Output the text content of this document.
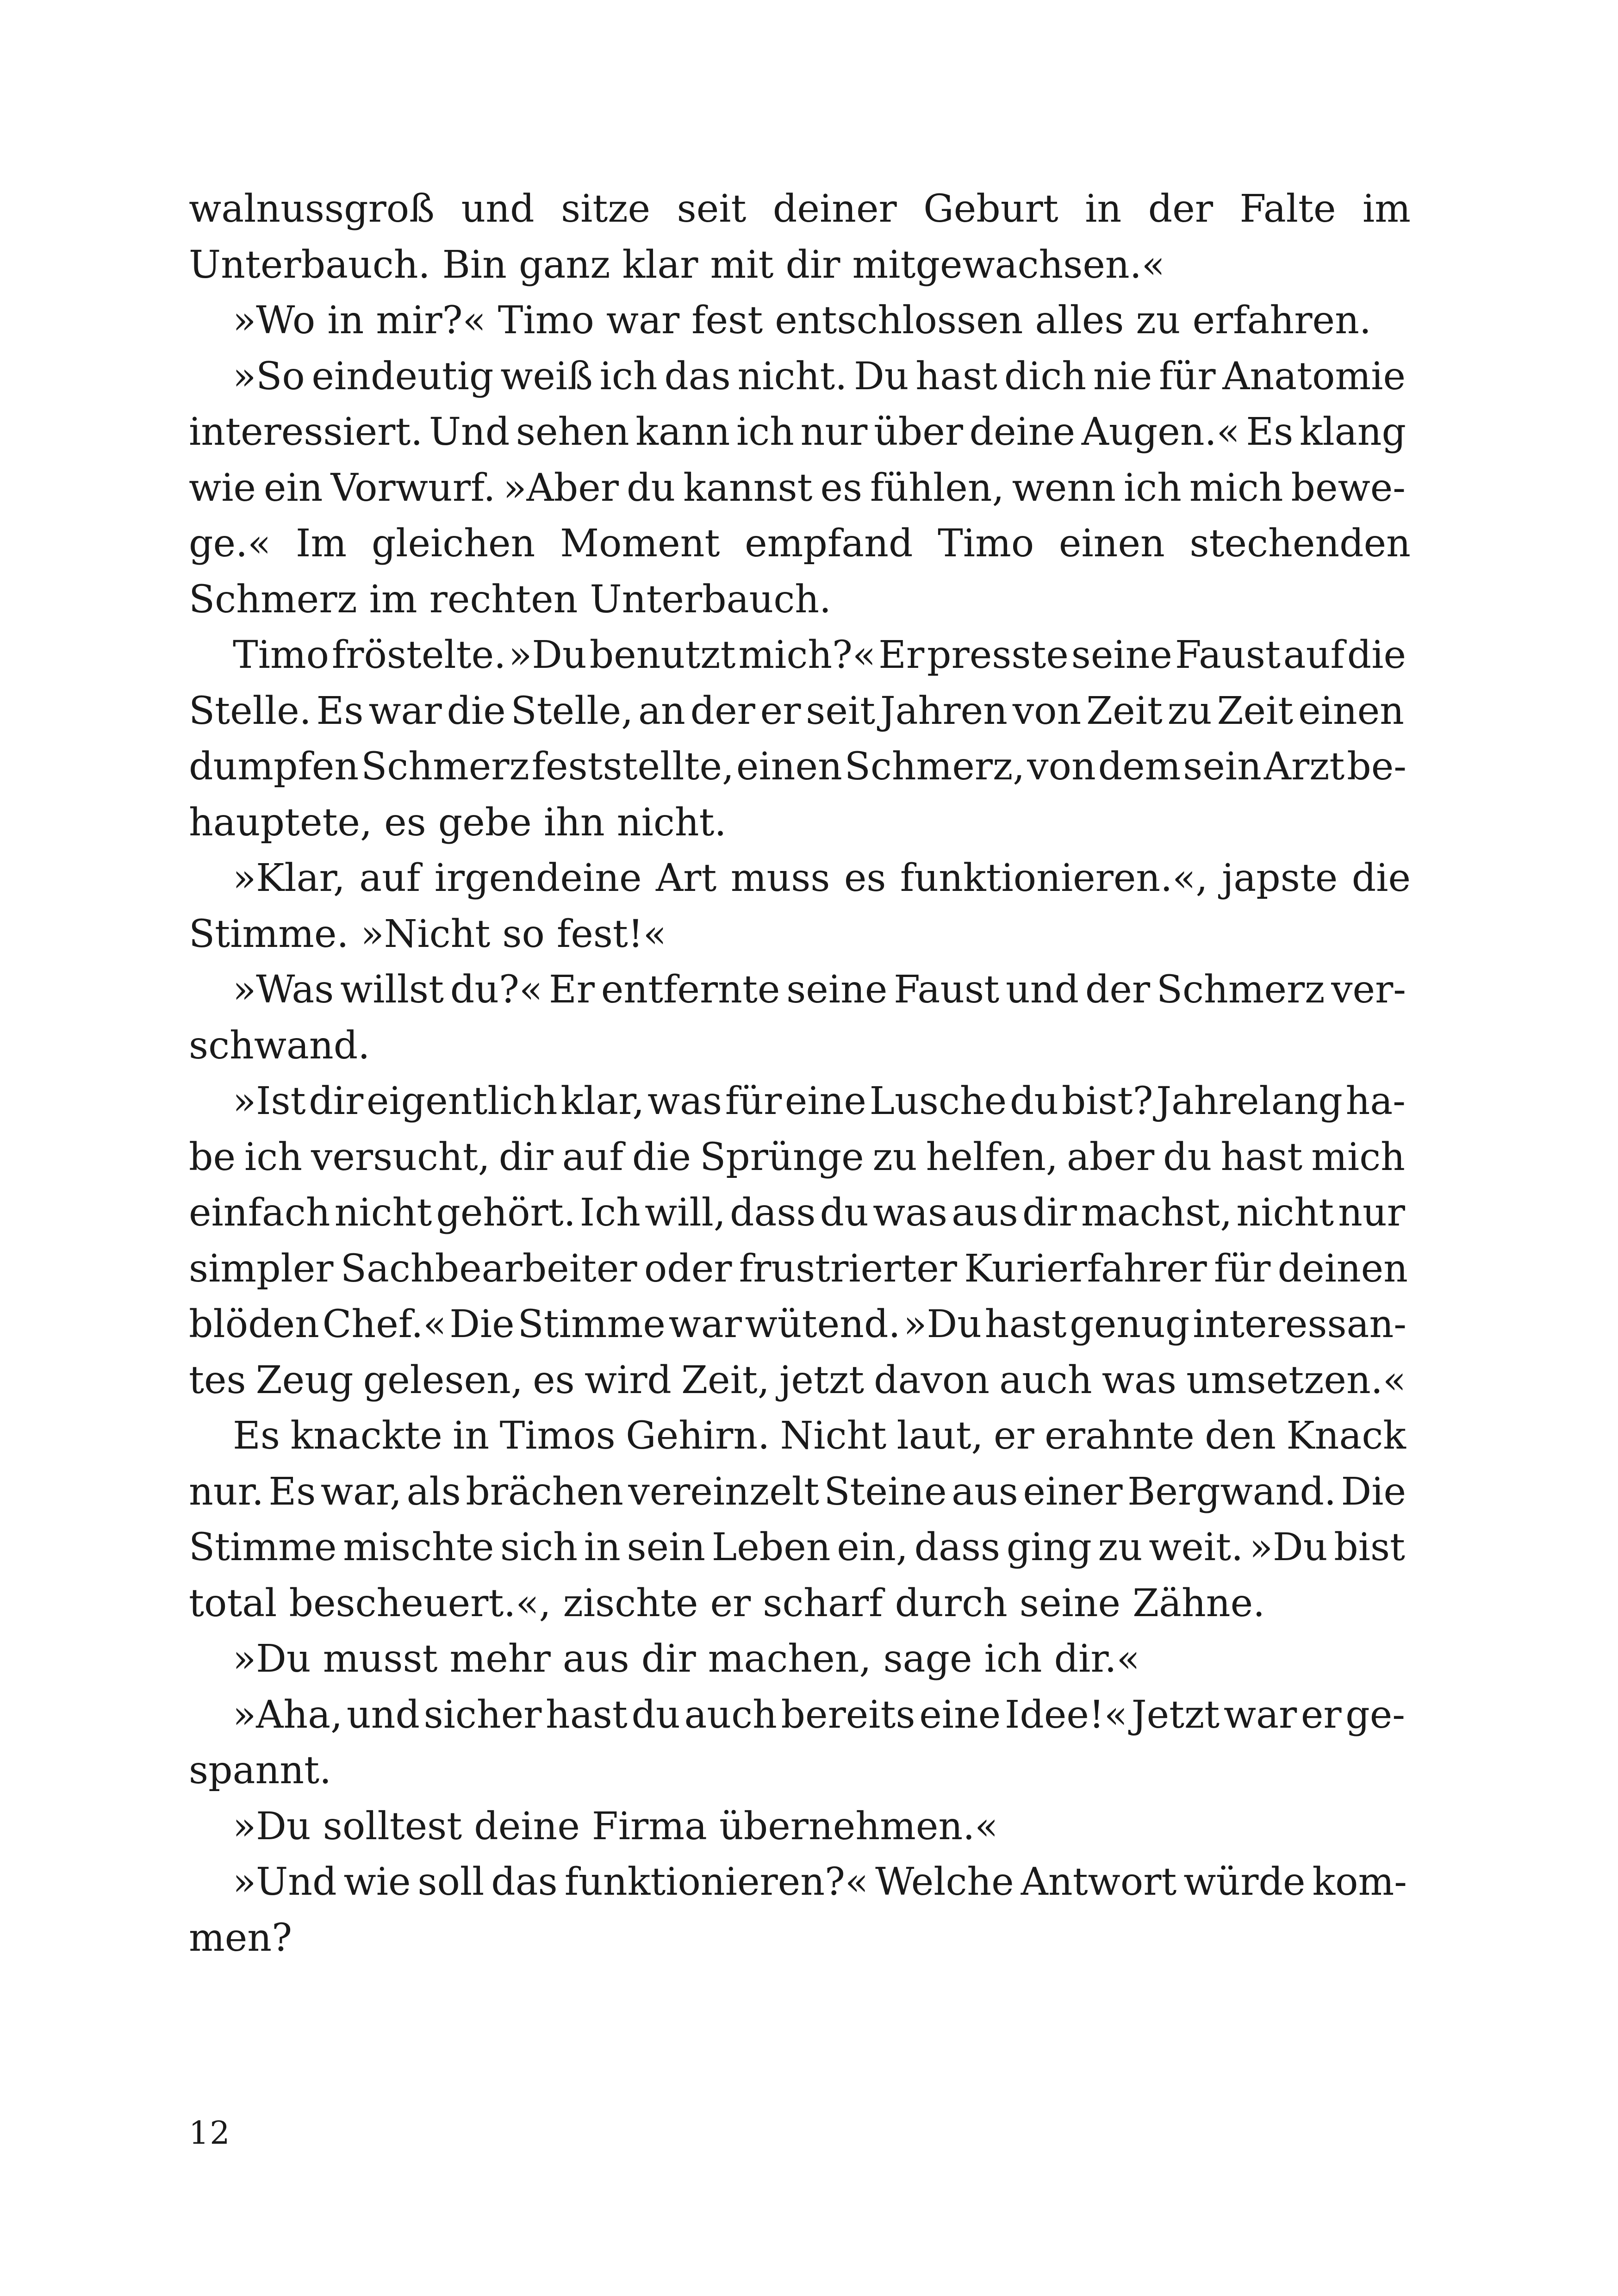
walnussgroß und sitze seit deiner Geburt in der Falte im
Unterbauch. Bin ganz klar mit dir mitgewachsen.«
»Wo in mir?« Timo war fest entschlossen alles zu erfahren.
»So eindeutig weiß ich das nicht. Du hast dich nie für Anatomie
interessiert. Und sehen kann ich nur über deine Augen.« Es klang
wie ein Vorwurf. »Aber du kannst es fühlen, wenn ich mich bewe-
ge.« Im gleichen Moment empfand Timo einen stechenden
Schmerz im rechten Unterbauch.
Timo fröstelte. »Du benutzt mich?« Er presste seine Faust auf die
Stelle. Es war die Stelle, an der er seit Jahren von Zeit zu Zeit einen
dumpfen Schmerz feststellte, einen Schmerz, von dem sein Arzt be-
hauptete, es gebe ihn nicht.
»Klar, auf irgendeine Art muss es funktionieren.«, japste die
Stimme. »Nicht so fest!«
»Was willst du?« Er entfernte seine Faust und der Schmerz ver-
schwand.
»Ist dir eigentlich klar, was für eine Lusche du bist? Jahrelang ha-
be ich versucht, dir auf die Sprünge zu helfen, aber du hast mich
einfach nicht gehört. Ich will, dass du was aus dir machst, nicht nur
simpler Sachbearbeiter oder frustrierter Kurierfahrer für deinen
blöden Chef.« Die Stimme war wütend. »Du hast genug interessan-
tes Zeug gelesen, es wird Zeit, jetzt davon auch was umsetzen.«
Es knackte in Timos Gehirn. Nicht laut, er erahnte den Knack
nur. Es war, als brächen vereinzelt Steine aus einer Bergwand. Die
Stimme mischte sich in sein Leben ein, dass ging zu weit. »Du bist
total bescheuert.«, zischte er scharf durch seine Zähne.
»Du musst mehr aus dir machen, sage ich dir.«
»Aha, und sicher hast du auch bereits eine Idee!« Jetzt war er ge-
spannt.
»Du solltest deine Firma übernehmen.«
»Und wie soll das funktionieren?« Welche Antwort würde kom-
men?
12
